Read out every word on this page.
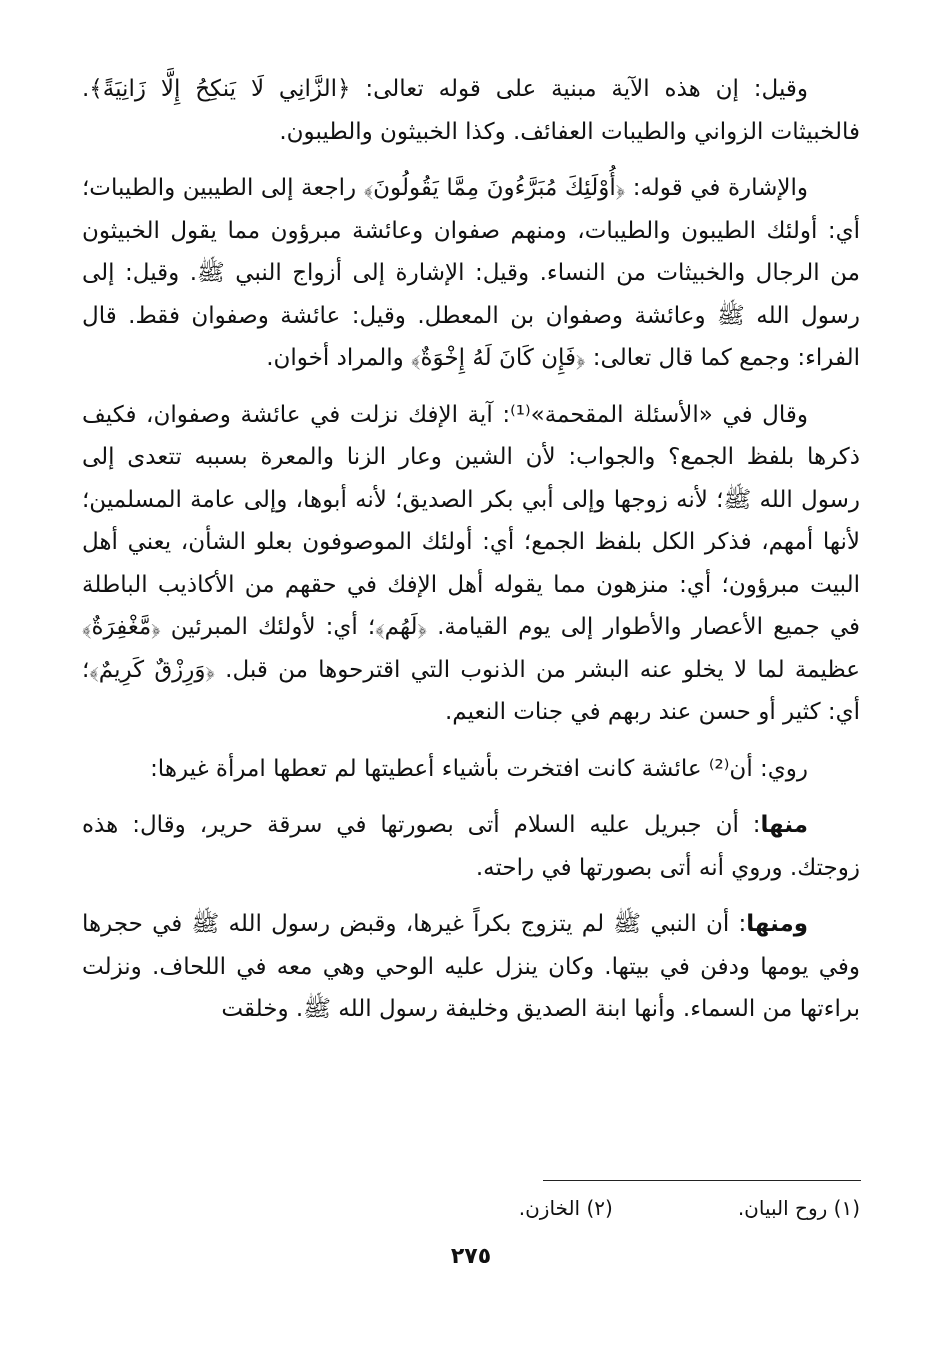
وقيل: إن هذه الآية مبنية على قوله تعالى: ﴿الزَّانِي لَا يَنكِحُ إِلَّا زَانِيَةً﴾. فالخبيثات الزواني والطيبات العفائف. وكذا الخبيثون والطيبون.

والإشارة في قوله: ﴿أُوْلَئِكَ مُبَرَّءُونَ مِمَّا يَقُولُونَ﴾ راجعة إلى الطيبين والطيبات؛ أي: أولئك الطيبون والطيبات، ومنهم صفوان وعائشة مبرؤون مما يقول الخبيثون من الرجال والخبيثات من النساء. وقيل: الإشارة إلى أزواج النبي ﷺ. وقيل: إلى رسول الله ﷺ وعائشة وصفوان بن المعطل. وقيل: عائشة وصفوان فقط. قال الفراء: وجمع كما قال تعالى: ﴿فَإِن كَانَ لَهُ إِخْوَةٌ﴾ والمراد أخوان.

وقال في «الأسئلة المقحمة»⁽¹⁾: آية الإفك نزلت في عائشة وصفوان، فكيف ذكرها بلفظ الجمع؟ والجواب: لأن الشين وعار الزنا والمعرة بسببه تتعدى إلى رسول الله ﷺ؛ لأنه زوجها وإلى أبي بكر الصديق؛ لأنه أبوها، وإلى عامة المسلمين؛ لأنها أمهم، فذكر الكل بلفظ الجمع؛ أي: أولئك الموصوفون بعلو الشأن، يعني أهل البيت مبرؤون؛ أي: منزهون مما يقوله أهل الإفك في حقهم من الأكاذيب الباطلة في جميع الأعصار والأطوار إلى يوم القيامة. ﴿لَهُم﴾؛ أي: لأولئك المبرئين ﴿مَّغْفِرَةٌ﴾ عظيمة لما لا يخلو عنه البشر من الذنوب التي اقترحوها من قبل. ﴿وَرِزْقٌ كَرِيمٌ﴾؛ أي: كثير أو حسن عند ربهم في جنات النعيم.

روي: أن⁽²⁾ عائشة كانت افتخرت بأشياء أعطيتها لم تعطها امرأة غيرها:

منها: أن جبريل عليه السلام أتى بصورتها في سرقة حرير، وقال: هذه زوجتك. وروي أنه أتى بصورتها في راحته.

ومنها: أن النبي ﷺ لم يتزوج بكراً غيرها، وقبض رسول الله ﷺ في حجرها وفي يومها ودفن في بيتها. وكان ينزل عليه الوحي وهي معه في اللحاف. ونزلت براءتها من السماء. وأنها ابنة الصديق وخليفة رسول الله ﷺ. وخلقت

(١) روح البيان.
(٢) الخازن.
٢٧٥
